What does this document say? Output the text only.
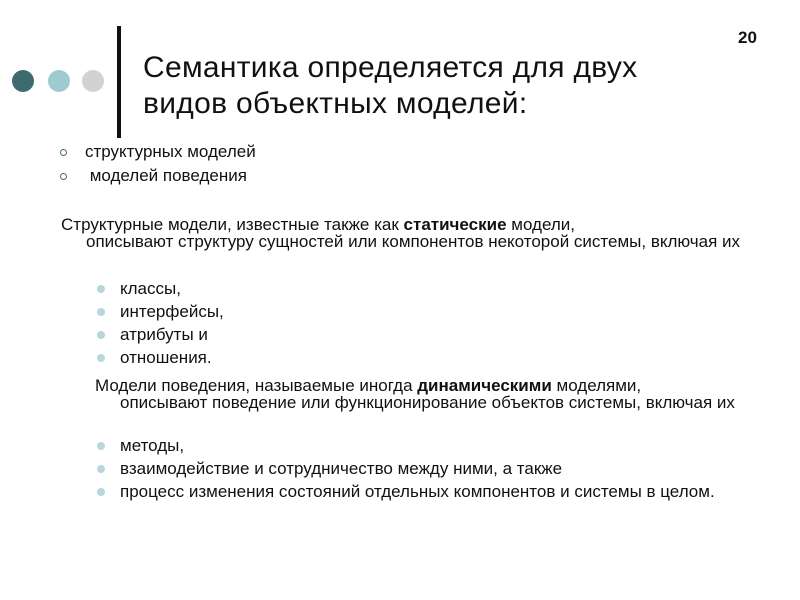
20
Семантика определяется для двух
видов объектных моделей:
структурных моделей
моделей поведения

Структурные модели, известные также как статические модели,
описывают структуру сущностей или компонентов некоторой системы, включая их

классы,
интерфейсы,
атрибуты и
отношения.

Модели поведения, называемые иногда динамическими моделями,
описывают поведение или функционирование объектов системы, включая их

методы,
взаимодействие и сотрудничество между ними, а также
процесс изменения состояний отдельных компонентов и системы в целом.
